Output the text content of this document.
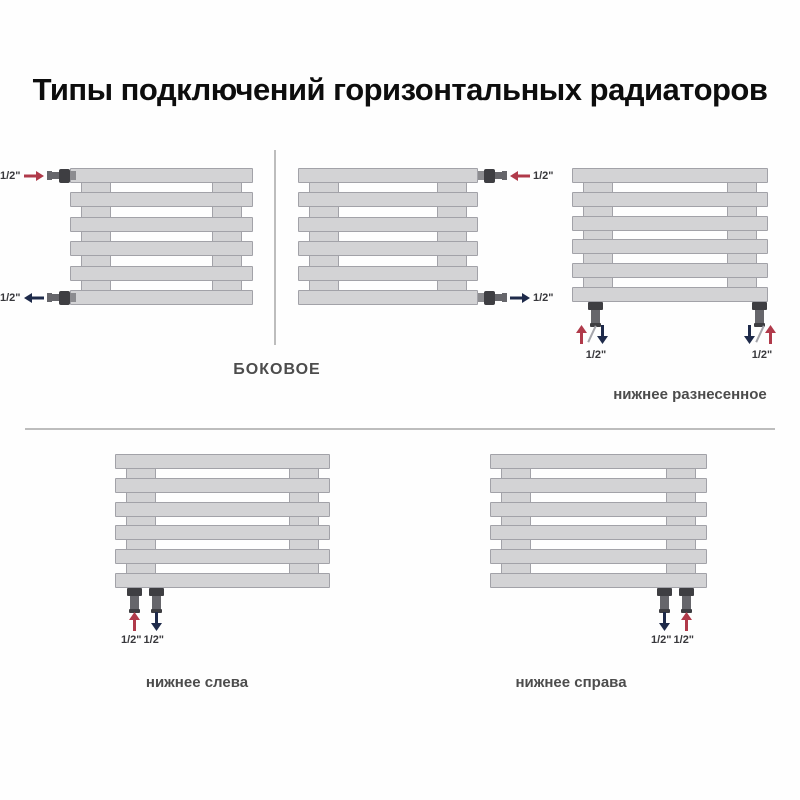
Типы подключений горизонтальных радиаторов
1/2"
1/2"
1/2"
1/2"
БОКОВОЕ
1/2"	1/2"
нижнее разнесенное
1/2" 1/2"
нижнее слева
1/2" 1/2"
нижнее справа
